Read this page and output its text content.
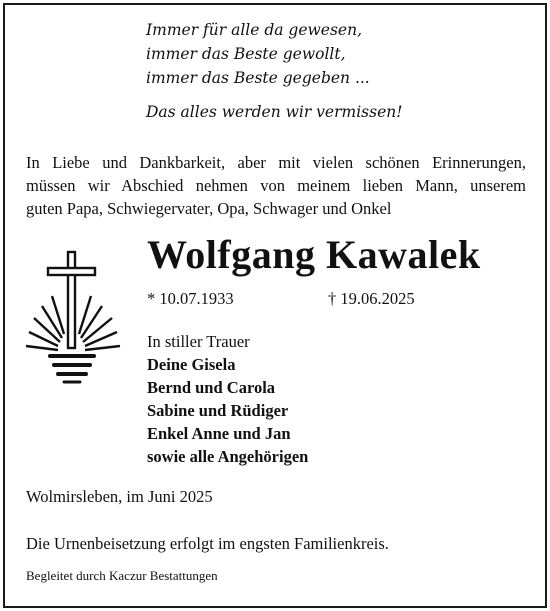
Immer für alle da gewesen,
immer das Beste gewollt,
immer das Beste gegeben ...
Das alles werden wir vermissen!
In Liebe und Dankbarkeit, aber mit vielen schönen Erinnerungen,
müssen wir Abschied nehmen von meinem lieben Mann, unserem
guten Papa, Schwiegervater, Opa, Schwager und Onkel
Wolfgang Kawalek
* 10.07.1933	† 19.06.2025
In stiller Trauer
Deine Gisela
Bernd und Carola
Sabine und Rüdiger
Enkel Anne und Jan
sowie alle Angehörigen
Wolmirsleben, im Juni 2025
Die Urnenbeisetzung erfolgt im engsten Familienkreis.
Begleitet durch Kaczur Bestattungen
